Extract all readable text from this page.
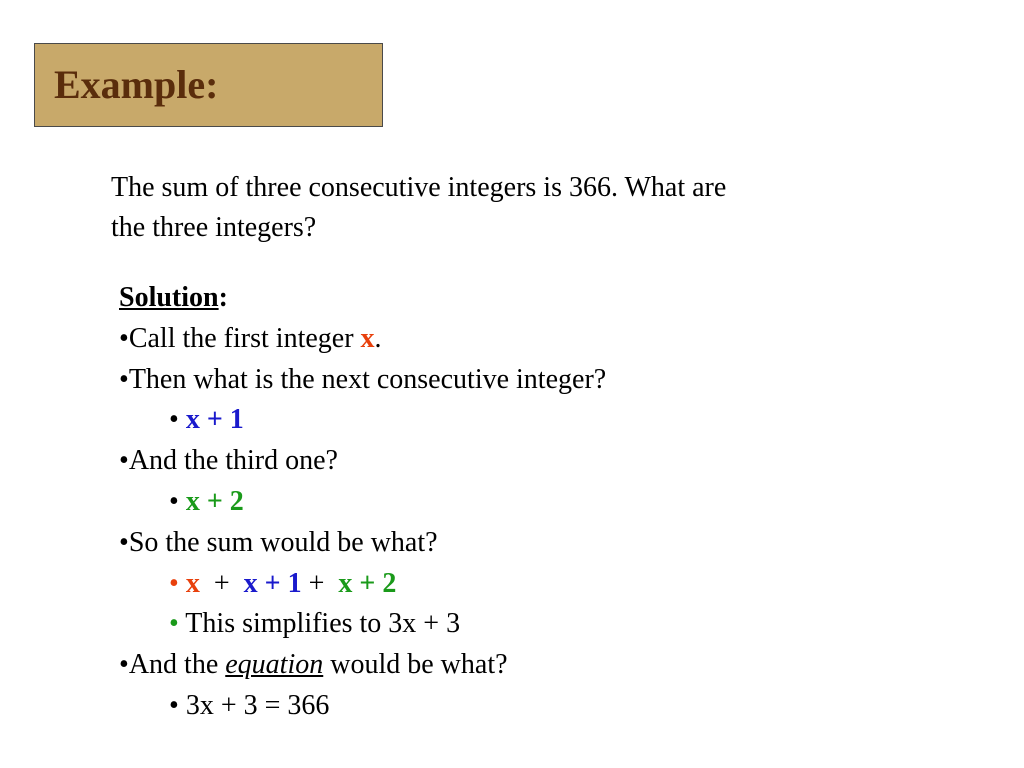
Example:
The sum of three consecutive integers is 366. What are
the three integers?
Solution:
•Call the first integer x.
•Then what is the next consecutive integer?
• x + 1
•And the third one?
• x + 2
•So the sum would be what?
• x  +  x + 1 +  x + 2
• This simplifies to 3x + 3
•And the equation would be what?
• 3x + 3 = 366
